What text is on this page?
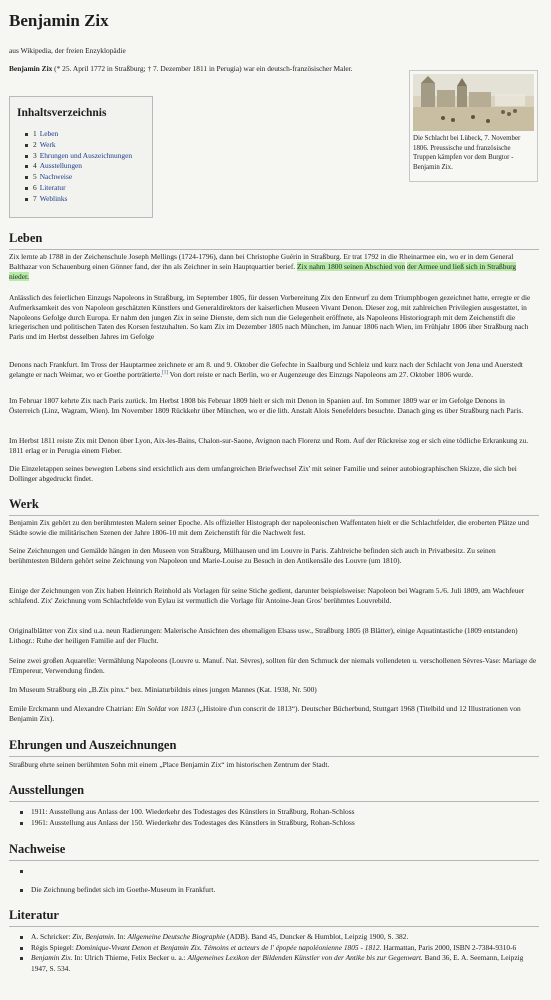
Benjamin Zix
aus Wikipedia, der freien Enzyklopädie
Benjamin Zix (* 25. April 1772 in Straßburg; † 7. Dezember 1811 in Perugia) war ein deutsch-französischer Maler.
Inhaltsverzeichnis
1 Leben
2 Werk
3 Ehrungen und Auszeichnungen
4 Ausstellungen
5 Nachweise
6 Literatur
7 Weblinks

Die Schlacht bei Lübeck, 7. November 1806. Preussische und französische Truppen kämpfen vor dem Burgtor - Benjamin Zix.

Leben

Zix lernte ab 1788 in der Zeichenschule Joseph Mellings (1724-1796), dann bei Christophe Guérin in Straßburg. Er trat 1792 in die Rheinarmee ein, wo er in dem General Balthazar von Schauenburg einen Gönner fand, der ihn als Zeichner in sein Hauptquartier berief. Zix nahm 1800 seinen Abschied von der Armee und ließ sich in Straßburg nieder.

Anlässlich des feierlichen Einzugs Napoleons in Straßburg, im September 1805, für dessen Vorbereitung Zix den Entwurf zu dem Triumphbogen gezeichnet hatte, erregte er die Aufmerksamkeit des von Napoleon geschätzten Künstlers und Generaldirektors der kaiserlichen Museen Vivant Denon. Dieser zog, mit zahlreichen Privilegien ausgestattet, in Napoleons Gefolge durch Europa. Er nahm den jungen Zix in seine Dienste, dem sich nun die Gelegenheit eröffnete, als Napoleons Historiograph mit dem Zeichenstift die kriegerischen und politischen Taten des Korsen festzuhalten. So kam Zix im Dezember 1805 nach München, im Januar 1806 nach Wien, im Frühjahr 1806 über Straßburg nach Paris und im Herbst desselben Jahres im Gefolge

Denons nach Frankfurt. Im Tross der Hauptarmee zeichnete er am 8. und 9. Oktober die Gefechte in Saalburg und Schleiz und kurz nach der Schlacht von Jena und Auerstedt gelangte er nach Weimar, wo er Goethe porträtierte.[1] Von dort reiste er nach Berlin, wo er Augenzeuge des Einzugs Napoleons am 27. Oktober 1806 wurde.

Im Februar 1807 kehrte Zix nach Paris zurück. Im Herbst 1808 bis Februar 1809 hielt er sich mit Denon in Spanien auf. Im Sommer 1809 war er im Gefolge Denons in Österreich (Linz, Wagram, Wien). Im November 1809 Rückkehr über München, wo er die lith. Anstalt Alois Senefelders besuchte. Danach ging es über Straßburg nach Paris.

Im Herbst 1811 reiste Zix mit Denon über Lyon, Aix-les-Bains, Chalon-sur-Saone, Avignon nach Florenz und Rom. Auf der Rückreise zog er sich eine tödliche Erkrankung zu. 1811 erlag er in Perugia einem Fieber.

Die Einzeletappen seines bewegten Lebens sind ersichtlich aus dem umfangreichen Briefwechsel Zix' mit seiner Familie und seiner autobiographischen Skizze, die sich bei Dollinger abgedruckt findet.

Werk

Benjamin Zix gehört zu den berühmtesten Malern seiner Epoche. Als offizieller Histograph der napoleonischen Waffentaten hielt er die Schlachtfelder, die eroberten Plätze und Städte sowie die militärischen Szenen der Jahre 1806-10 mit dem Zeichenstift für die Nachwelt fest.

Seine Zeichnungen und Gemälde hängen in den Museen von Straßburg, Mülhausen und im Louvre in Paris. Zahlreiche befinden sich auch in Privatbesitz. Zu seinen berühmtesten Bildern gehört seine Zeichnung von Napoleon und Marie-Louise zu Besuch in den Antikensäle des Louvre (um 1810).

Einige der Zeichnungen von Zix haben Heinrich Reinhold als Vorlagen für seine Stiche gedient, darunter beispielsweise: Napoleon bei Wagram 5./6. Juli 1809, am Wachfeuer schlafend. Zix' Zeichnung vom Schlachtfelde von Eylau ist vermutlich die Vorlage für Antoine-Jean Gros' berühmtes Louvrebild.

Originalblätter von Zix sind u.a. neun Radierungen: Malerische Ansichten des ehemaligen Elsass usw., Straßburg 1805 (8 Blätter), einige Aquatintastiche (1809 entstanden) Lithogr.: Ruhe der heiligen Familie auf der Flucht.

Seine zwei großen Aquarelle: Vermählung Napoleons (Louvre u. Manuf. Nat. Sèvres), sollten für den Schmuck der niemals vollendeten u. verschollenen Sèvres-Vase: Mariage de l'Empereur, Verwendung finden.

Im Museum Straßburg ein „B.Zix pinx.“ bez. Miniaturbildnis eines jungen Mannes (Kat. 1938, Nr. 500)

Emile Erckmann und Alexandre Chatrian: Ein Soldat von 1813 („Histoire d'un conscrit de 1813“). Deutscher Bücherbund, Stuttgart 1968 (Titelbild und 12 Illustrationen von Benjamin Zix).

Ehrungen und Auszeichnungen

Straßburg ehrte seinen berühmten Sohn mit einem „Place Benjamin Zix“ im historischen Zentrum der Stadt.

Ausstellungen
1911: Ausstellung aus Anlass der 100. Wiederkehr des Todestages des Künstlers in Straßburg, Rohan-Schloss
1961: Ausstellung aus Anlass der 150. Wiederkehr des Todestages des Künstlers in Straßburg, Rohan-Schloss
Nachweise
Die Zeichnung befindet sich im Goethe-Museum in Frankfurt.
Literatur
A. Schricker: Zix, Benjamin. In: Allgemeine Deutsche Biographie (ADB). Band 45, Duncker & Humblot, Leipzig 1900, S. 382.
Régis Spiegel: Dominique-Vivant Denon et Benjamin Zix. Témoins et acteurs de l' épopée napoléonienne 1805 - 1812. Harmattan, Paris 2000, ISBN 2-7384-9310-6
Benjamin Zix. In: Ulrich Thieme, Felix Becker u. a.: Allgemeines Lexikon der Bildenden Künstler von der Antike bis zur Gegenwart. Band 36, E. A. Seemann, Leipzig 1947, S. 534.
